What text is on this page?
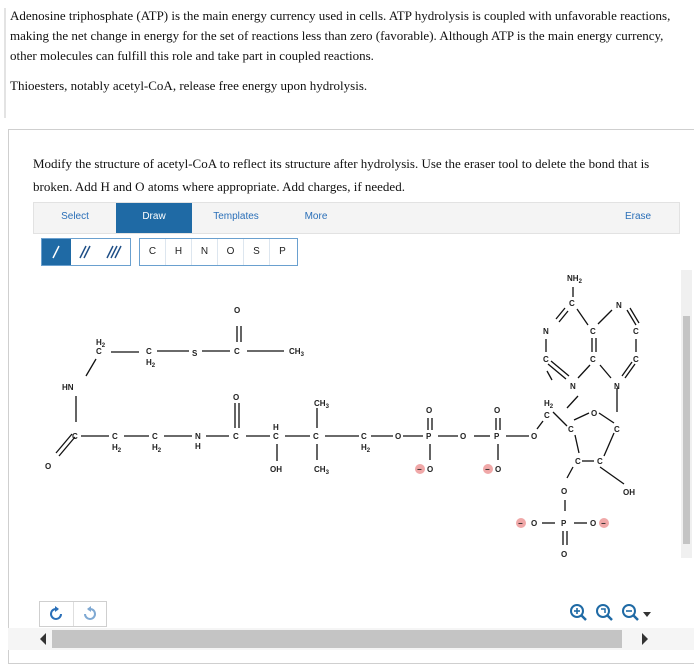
Adenosine triphosphate (ATP) is the main energy currency used in cells. ATP hydrolysis is coupled with unfavorable reactions, making the net change in energy for the set of reactions less than zero (favorable). Although ATP is the main energy currency, other molecules can fulfill this role and take part in coupled reactions.

Thioesters, notably acetyl-CoA, release free energy upon hydrolysis.

Modify the structure of acetyl-CoA to reflect its structure after hydrolysis. Use the eraser tool to delete the bond that is broken. Add H and O atoms where appropriate. Add charges, if needed.
Select	Draw	Templates	More	Erase
C	H	N	O	S	P
O
C	$CH_3$
S
C
$H_2$
C
$H_2$
HN
C
O
C
$H_2$
C
$H_2$
N
H
C
O
C
H
OH
C
$CH_3$
$CH_3$
C
$H_2$
O	P
O
O
O	P
O
O
O
C
$H_2$
O
C	C
C C
OH
O
P
O	O
O
$NH_2$
C
N
C
N
C
C
N
C
C
N
−	−
−	−
